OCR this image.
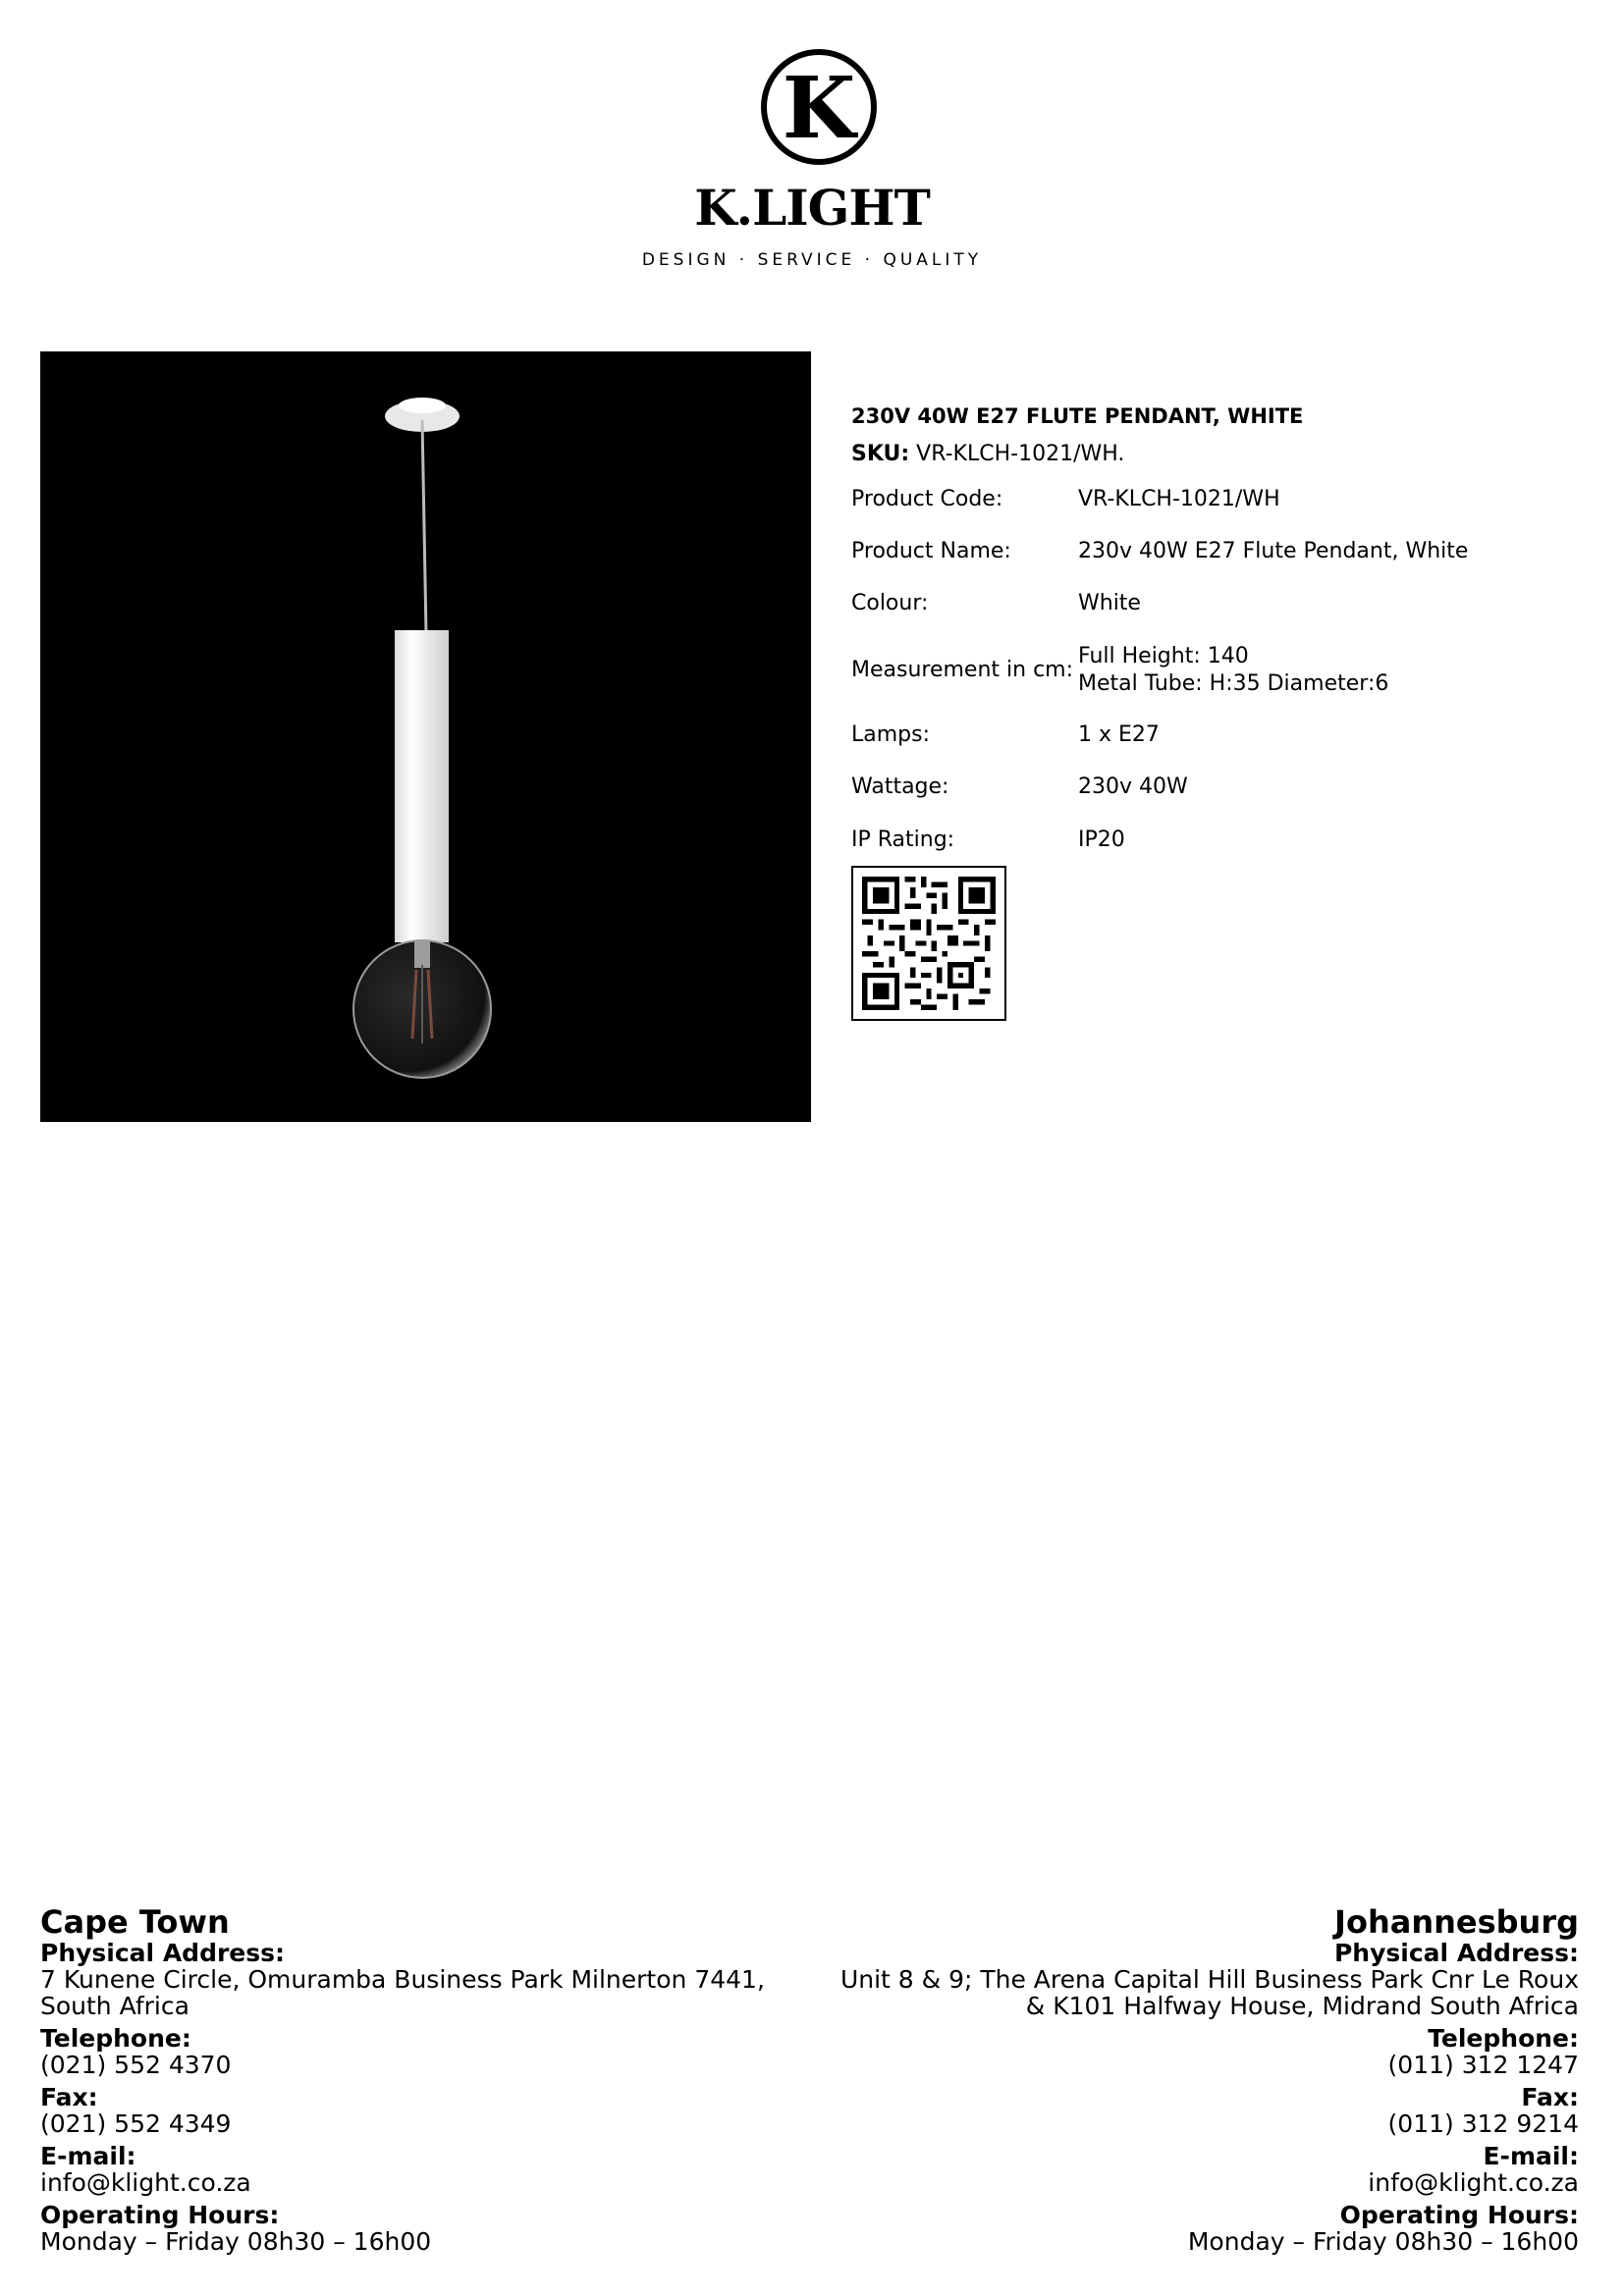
K
K.LIGHT
DESIGN · SERVICE · QUALITY

230V 40W E27 FLUTE PENDANT, WHITE

SKU: VR-KLCH-1021/WH.
Product Code:	VR-KLCH-1021/WH
Product Name:	230v 40W E27 Flute Pendant, White
Colour:	White
Measurement in cm:
Full Height: 140
Metal Tube: H:35 Diameter:6
Lamps:	1 x E27
Wattage:	230v 40W
IP Rating:	IP20
Cape Town
Physical Address:
7 Kunene Circle, Omuramba Business Park Milnerton 7441,
South Africa
Telephone:
(021) 552 4370
Fax:
(021) 552 4349
E-mail:
info@klight.co.za
Operating Hours:
Monday – Friday 08h30 – 16h00
Johannesburg
Physical Address:
Unit 8 & 9; The Arena Capital Hill Business Park Cnr Le Roux
& K101 Halfway House, Midrand South Africa
Telephone:
(011) 312 1247
Fax:
(011) 312 9214
E-mail:
info@klight.co.za
Operating Hours:
Monday – Friday 08h30 – 16h00
